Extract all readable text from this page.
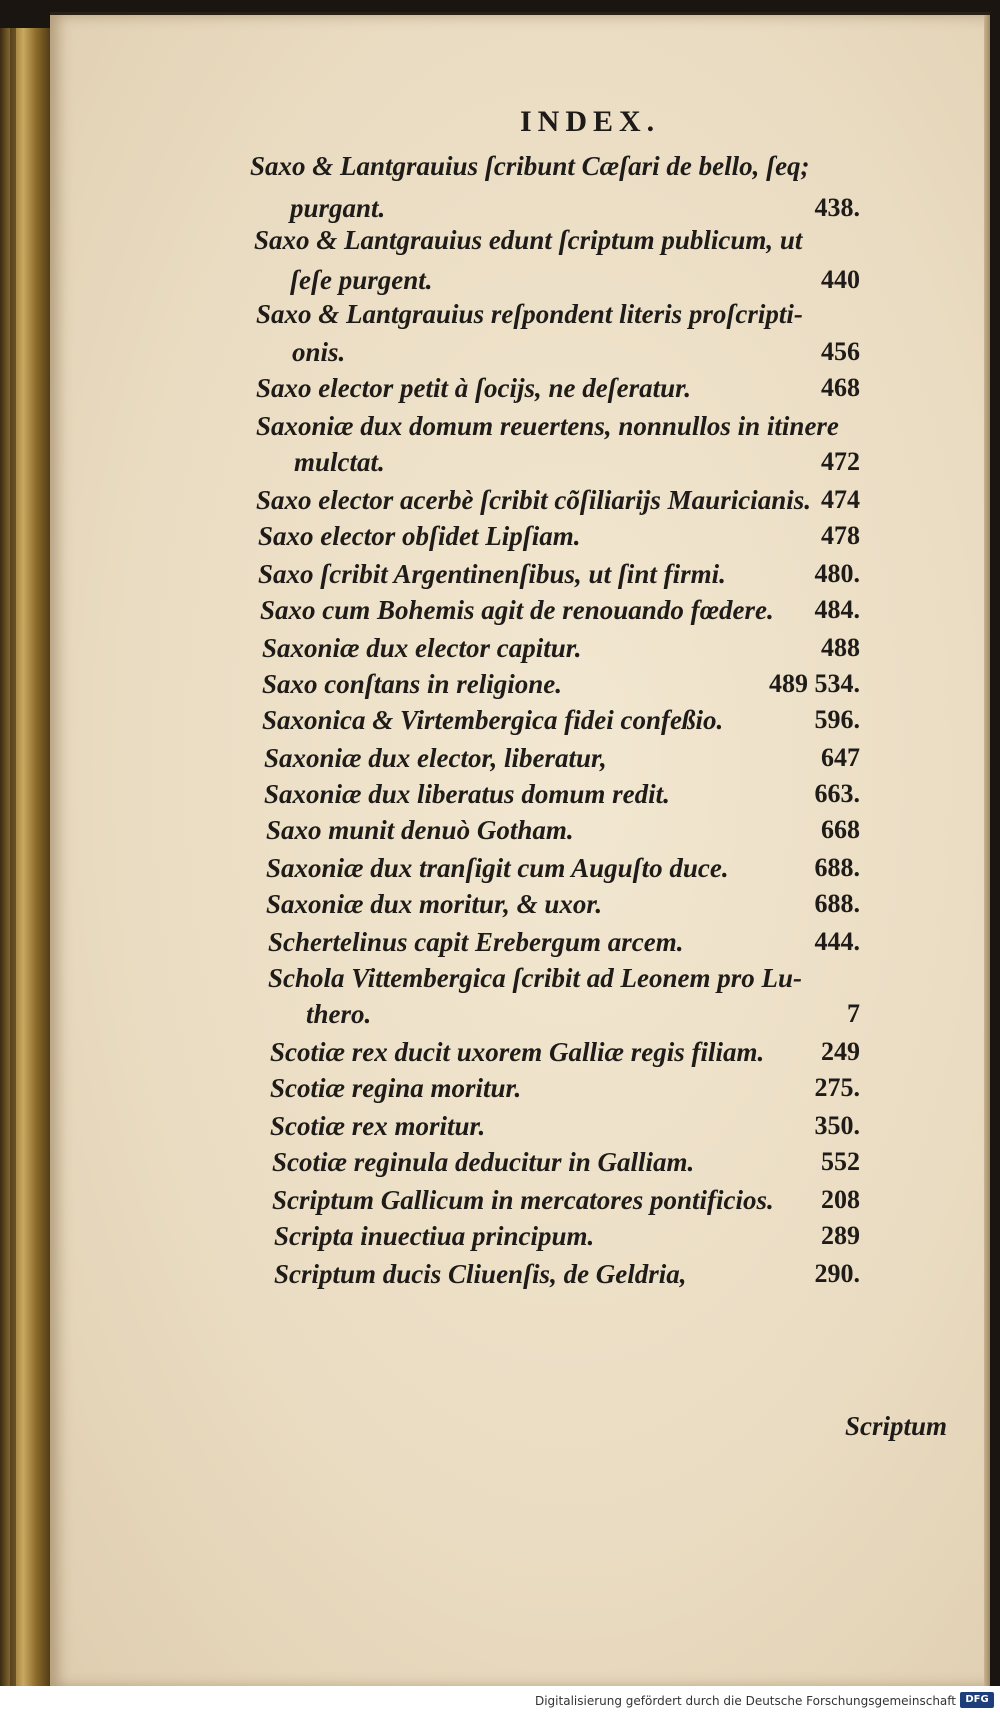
INDEX.
Saxo & Lantgrauius ſcribunt Cæſari de bello, ſeq;
purgant.	438.
Saxo & Lantgrauius edunt ſcriptum publicum, ut
ſeſe purgent.	440
Saxo & Lantgrauius reſpondent literis proſcripti-
onis.	456
Saxo elector petit à ſocijs, ne deſeratur.	468
Saxoniæ dux domum reuertens, nonnullos in itinere
mulctat.	472
Saxo elector acerbè ſcribit cõſiliarijs Mauricianis. 474
Saxo elector obſidet Lipſiam.	478
Saxo ſcribit Argentinenſibus, ut ſint firmi.	480.
Saxo cum Bohemis agit de renouando fœdere. 484.
Saxoniæ dux elector capitur.	488
Saxo conſtans in religione.	489 534.
Saxonica & Virtembergica fidei confeßio.	596.
Saxoniæ dux elector, liberatur,	647
Saxoniæ dux liberatus domum redit.	663.
Saxo munit denuò Gotham.	668
Saxoniæ dux tranſigit cum Auguſto duce.	688.
Saxoniæ dux moritur, & uxor.	688.
Schertelinus capit Erebergum arcem.	444.
Schola Vittembergica ſcribit ad Leonem pro Lu-
thero.	7
Scotiæ rex ducit uxorem Galliæ regis filiam. 249
Scotiæ regina moritur.	275.
Scotiæ rex moritur.	350.
Scotiæ reginula deducitur in Galliam.	552
Scriptum Gallicum in mercatores pontificios. 208
Scripta inuectiua principum.	289
Scriptum ducis Cliuenſis, de Geldria,	290.
Scriptum
Digitalisierung gefördert durch die Deutsche Forschungsgemeinschaft DFG
